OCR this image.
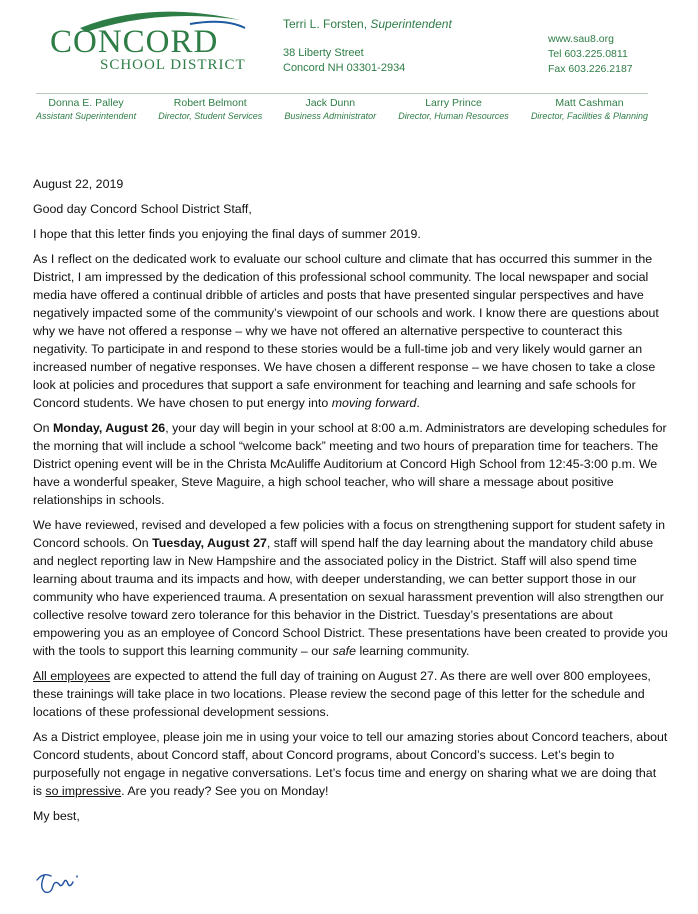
CONCORD
SCHOOL DISTRICT
Terri L. Forsten, Superintendent
38 Liberty Street
Concord NH 03301-2934
www.sau8.org
Tel 603.225.0811
Fax 603.226.2187
Donna E. Palley
Assistant Superintendent
Robert Belmont
Director, Student Services
Jack Dunn
Business Administrator
Larry Prince
Director, Human Resources
Matt Cashman
Director, Facilities & Planning

August 22, 2019

Good day Concord School District Staff,

I hope that this letter finds you enjoying the final days of summer 2019.

As I reflect on the dedicated work to evaluate our school culture and climate that has occurred this summer in the District, I am impressed by the dedication of this professional school community. The local newspaper and social media have offered a continual dribble of articles and posts that have presented singular perspectives and have negatively impacted some of the community’s viewpoint of our schools and work. I know there are questions about why we have not offered a response – why we have not offered an alternative perspective to counteract this negativity. To participate in and respond to these stories would be a full-time job and very likely would garner an increased number of negative responses. We have chosen a different response – we have chosen to take a close look at policies and procedures that support a safe environment for teaching and learning and safe schools for Concord students. We have chosen to put energy into moving forward.

On Monday, August 26, your day will begin in your school at 8:00 a.m. Administrators are developing schedules for the morning that will include a school “welcome back” meeting and two hours of preparation time for teachers. The District opening event will be in the Christa McAuliffe Auditorium at Concord High School from 12:45-3:00 p.m. We have a wonderful speaker, Steve Maguire, a high school teacher, who will share a message about positive relationships in schools.

We have reviewed, revised and developed a few policies with a focus on strengthening support for student safety in Concord schools. On Tuesday, August 27, staff will spend half the day learning about the mandatory child abuse and neglect reporting law in New Hampshire and the associated policy in the District. Staff will also spend time learning about trauma and its impacts and how, with deeper understanding, we can better support those in our community who have experienced trauma. A presentation on sexual harassment prevention will also strengthen our collective resolve toward zero tolerance for this behavior in the District. Tuesday’s presentations are about empowering you as an employee of Concord School District. These presentations have been created to provide you with the tools to support this learning community – our safe learning community.

All employees are expected to attend the full day of training on August 27. As there are well over 800 employees, these trainings will take place in two locations. Please review the second page of this letter for the schedule and locations of these professional development sessions.

As a District employee, please join me in using your voice to tell our amazing stories about Concord teachers, about Concord students, about Concord staff, about Concord programs, about Concord’s success. Let’s begin to purposefully not engage in negative conversations. Let’s focus time and energy on sharing what we are doing that is so impressive. Are you ready? See you on Monday!

My best,
